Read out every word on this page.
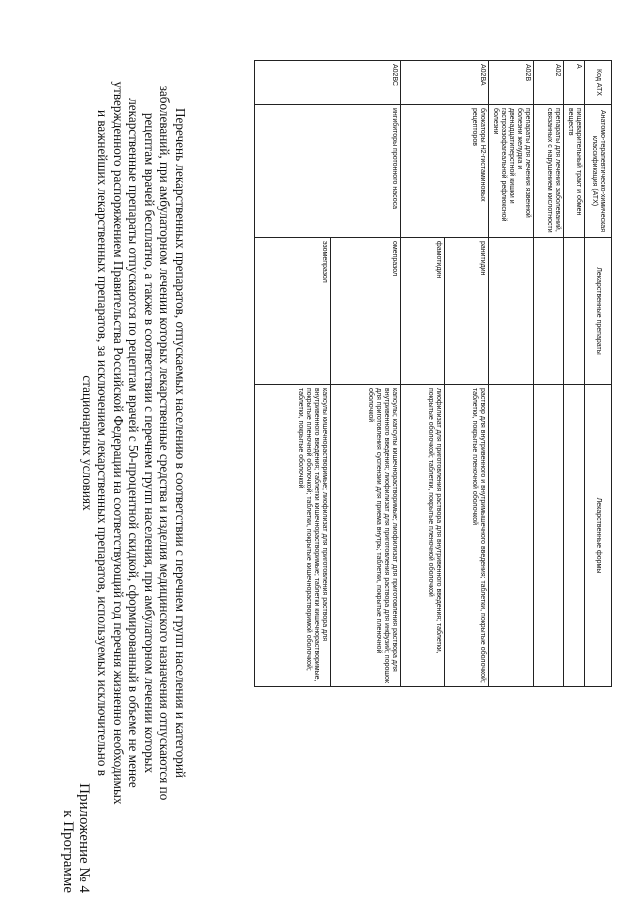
Приложение № 4
к Программе
Перечень лекарственных препаратов, отпускаемых населению в соответствии с перечнем групп населения и категорий заболеваний, при амбулаторном лечении которых лекарственные средства и изделия медицинского назначения отпускаются по рецептам врачей бесплатно, а также в соответствии с перечнем групп населения, при амбулаторном лечении которых лекарственные препараты отпускаются по рецептам врачей с 50-процентной скидкой, сформированный в объеме не менее утвержденного распоряжением Правительства Российской Федерации на соответствующий год перечня жизненно необходимых и важнейших лекарственных препаратов, за исключением лекарственных препаратов, используемых исключительно в стационарных условиях
Код АТХ	Анатомо-терапевтическо-химическая классификация (АТХ)	Лекарственные препараты	Лекарственные формы
А	пищеварительный тракт и обмен веществ		
А02	препараты для лечения заболеваний, связанных с нарушением кислотности		
А02В	препараты для лечения язвенной болезни желудка и двенадцатиперстной кишки и гастроэзофагеальной рефлюксной болезни		
А02ВА	блокаторы Н2-гистаминовых рецепторов	ранитидин	раствор для внутривенного и внутримышечного введения; таблетки, покрытые оболочкой; таблетки, покрытые пленочной оболочкой
		фамотидин	лиофилизат для приготовления раствора для внутривенного введения; таблетки, покрытые оболочкой; таблетки, покрытые пленочной оболочкой
А02ВС	ингибиторы протонного насоса	омепразол	капсулы; капсулы кишечнорастворимые; лиофилизат для приготовления раствора для внутривенного введения; лиофилизат для приготовления раствора для инфузий; порошок для приготовления суспензии для приема внутрь; таблетки, покрытые пленочной оболочкой
		эзомепразол	капсулы кишечнорастворимые; лиофилизат для приготовления раствора для внутривенного введения; таблетки кишечнорастворимые; таблетки кишечнорастворимые, покрытые пленочной оболочкой; таблетки, покрытые кишечнорастворимой оболочкой; таблетки, покрытые оболочкой
